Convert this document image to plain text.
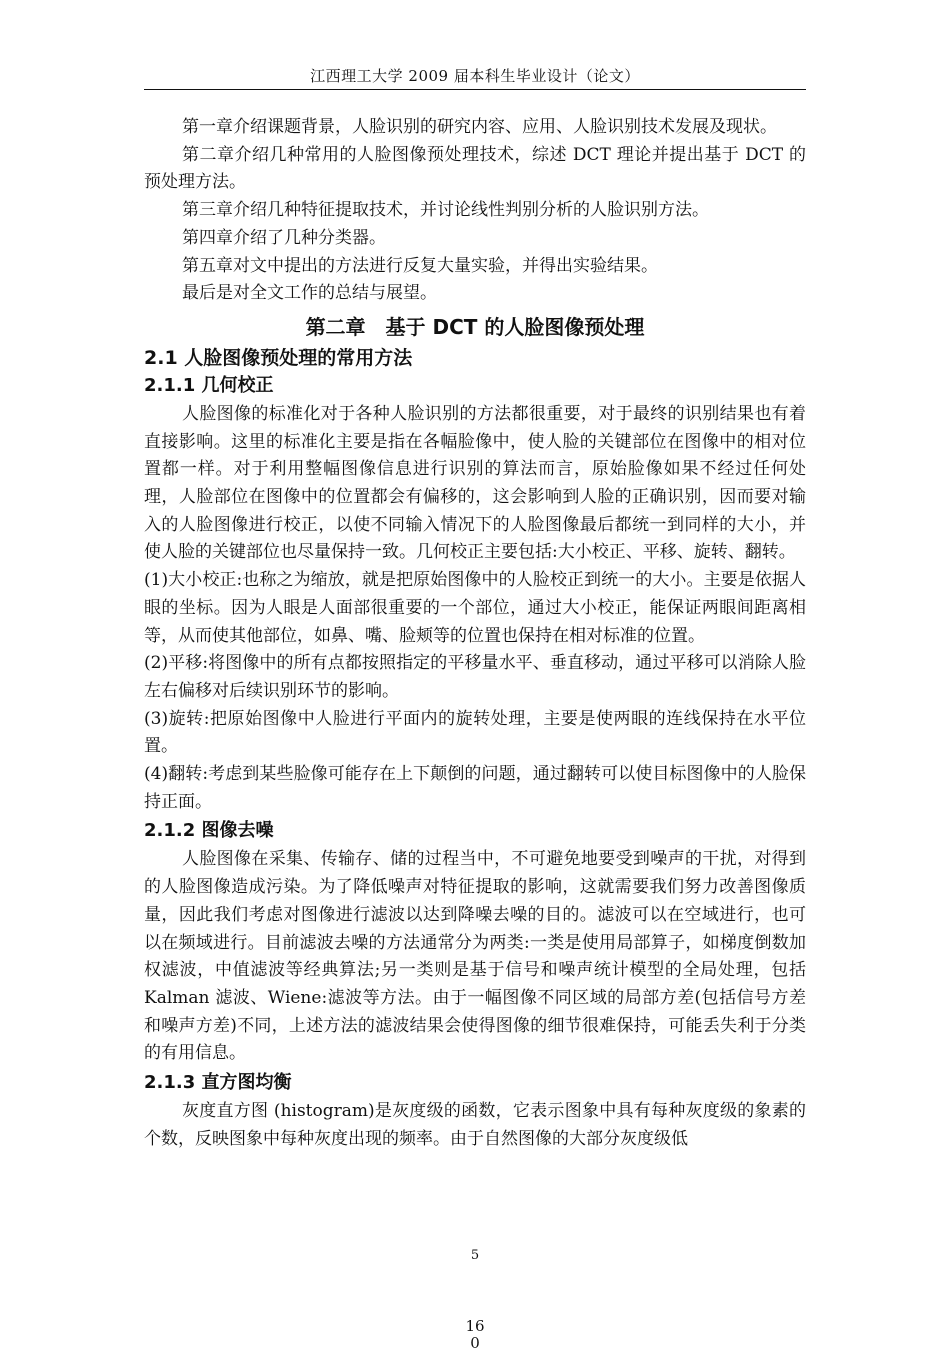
江西理工大学 2009 届本科生毕业设计（论文）

第一章介绍课题背景，人脸识别的研究内容、应用、人脸识别技术发展及现状。

第二章介绍几种常用的人脸图像预处理技术，综述 DCT 理论并提出基于 DCT 的预处理方法。

第三章介绍几种特征提取技术，并讨论线性判别分析的人脸识别方法。

第四章介绍了几种分类器。

第五章对文中提出的方法进行反复大量实验，并得出实验结果。

最后是对全文工作的总结与展望。

第二章　基于 DCT 的人脸图像预处理
2.1 人脸图像预处理的常用方法
2.1.1 几何校正

人脸图像的标准化对于各种人脸识别的方法都很重要，对于最终的识别结果也有着直接影响。这里的标准化主要是指在各幅脸像中，使人脸的关键部位在图像中的相对位置都一样。对于利用整幅图像信息进行识别的算法而言，原始脸像如果不经过任何处理，人脸部位在图像中的位置都会有偏移的，这会影响到人脸的正确识别，因而要对输入的人脸图像进行校正，以使不同输入情况下的人脸图像最后都统一到同样的大小，并使人脸的关键部位也尽量保持一致。几何校正主要包括:大小校正、平移、旋转、翻转。

(1)大小校正:也称之为缩放，就是把原始图像中的人脸校正到统一的大小。主要是依据人眼的坐标。因为人眼是人面部很重要的一个部位，通过大小校正，能保证两眼间距离相等，从而使其他部位，如鼻、嘴、脸颊等的位置也保持在相对标准的位置。

(2)平移:将图像中的所有点都按照指定的平移量水平、垂直移动，通过平移可以消除人脸左右偏移对后续识别环节的影响。

(3)旋转:把原始图像中人脸进行平面内的旋转处理，主要是使两眼的连线保持在水平位置。

(4)翻转:考虑到某些脸像可能存在上下颠倒的问题，通过翻转可以使目标图像中的人脸保持正面。

2.1.2 图像去噪

人脸图像在采集、传输存、储的过程当中，不可避免地要受到噪声的干扰，对得到的人脸图像造成污染。为了降低噪声对特征提取的影响，这就需要我们努力改善图像质量，因此我们考虑对图像进行滤波以达到降噪去噪的目的。滤波可以在空域进行，也可以在频域进行。目前滤波去噪的方法通常分为两类:一类是使用局部算子，如梯度倒数加权滤波，中值滤波等经典算法;另一类则是基于信号和噪声统计模型的全局处理，包括 Kalman 滤波、Wiene:滤波等方法。由于一幅图像不同区域的局部方差(包括信号方差和噪声方差)不同，上述方法的滤波结果会使得图像的细节很难保持，可能丢失利于分类的有用信息。

2.1.3 直方图均衡

灰度直方图 (histogram)是灰度级的函数，它表示图象中具有每种灰度级的象素的个数，反映图象中每种灰度出现的频率。由于自然图像的大部分灰度级低

5
16
0
